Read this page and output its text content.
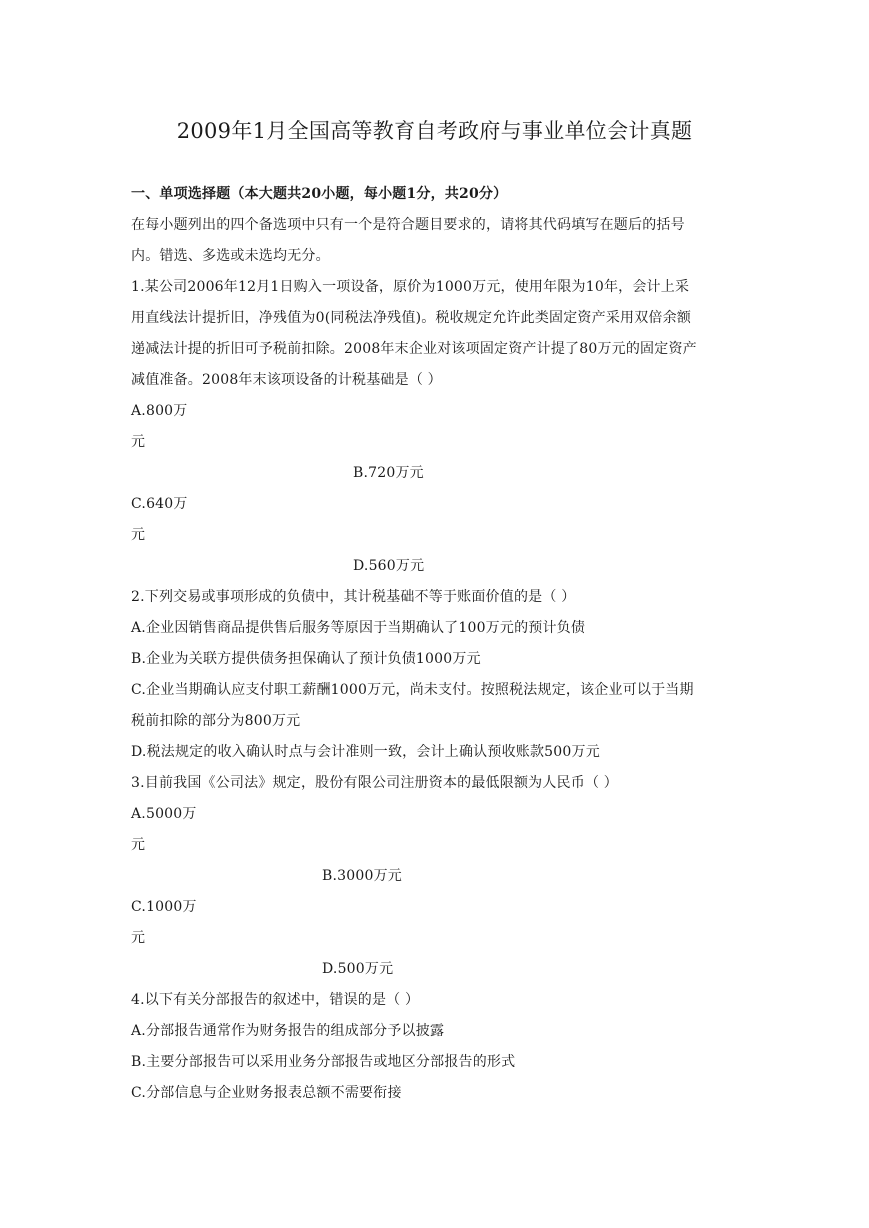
2009年1月全国高等教育自考政府与事业单位会计真题
一、单项选择题（本大题共20小题，每小题1分，共20分）
在每小题列出的四个备选项中只有一个是符合题目要求的，请将其代码填写在题后的括号
内。错选、多选或未选均无分。
1.某公司2006年12月1日购入一项设备，原价为1000万元，使用年限为10年，会计上采
用直线法计提折旧，净残值为0(同税法净残值)。税收规定允许此类固定资产采用双倍余额
递减法计提的折旧可予税前扣除。2008年末企业对该项固定资产计提了80万元的固定资产
减值准备。2008年末该项设备的计税基础是（ ）
A.800万
元
B.720万元
C.640万
元
D.560万元
2.下列交易或事项形成的负债中，其计税基础不等于账面价值的是（ ）
A.企业因销售商品提供售后服务等原因于当期确认了100万元的预计负债
B.企业为关联方提供债务担保确认了预计负债1000万元
C.企业当期确认应支付职工薪酬1000万元，尚未支付。按照税法规定，该企业可以于当期
税前扣除的部分为800万元
D.税法规定的收入确认时点与会计准则一致，会计上确认预收账款500万元
3.目前我国《公司法》规定，股份有限公司注册资本的最低限额为人民币（ ）
A.5000万
元
B.3000万元
C.1000万
元
D.500万元
4.以下有关分部报告的叙述中，错误的是（ ）
A.分部报告通常作为财务报告的组成部分予以披露
B.主要分部报告可以采用业务分部报告或地区分部报告的形式
C.分部信息与企业财务报表总额不需要衔接
